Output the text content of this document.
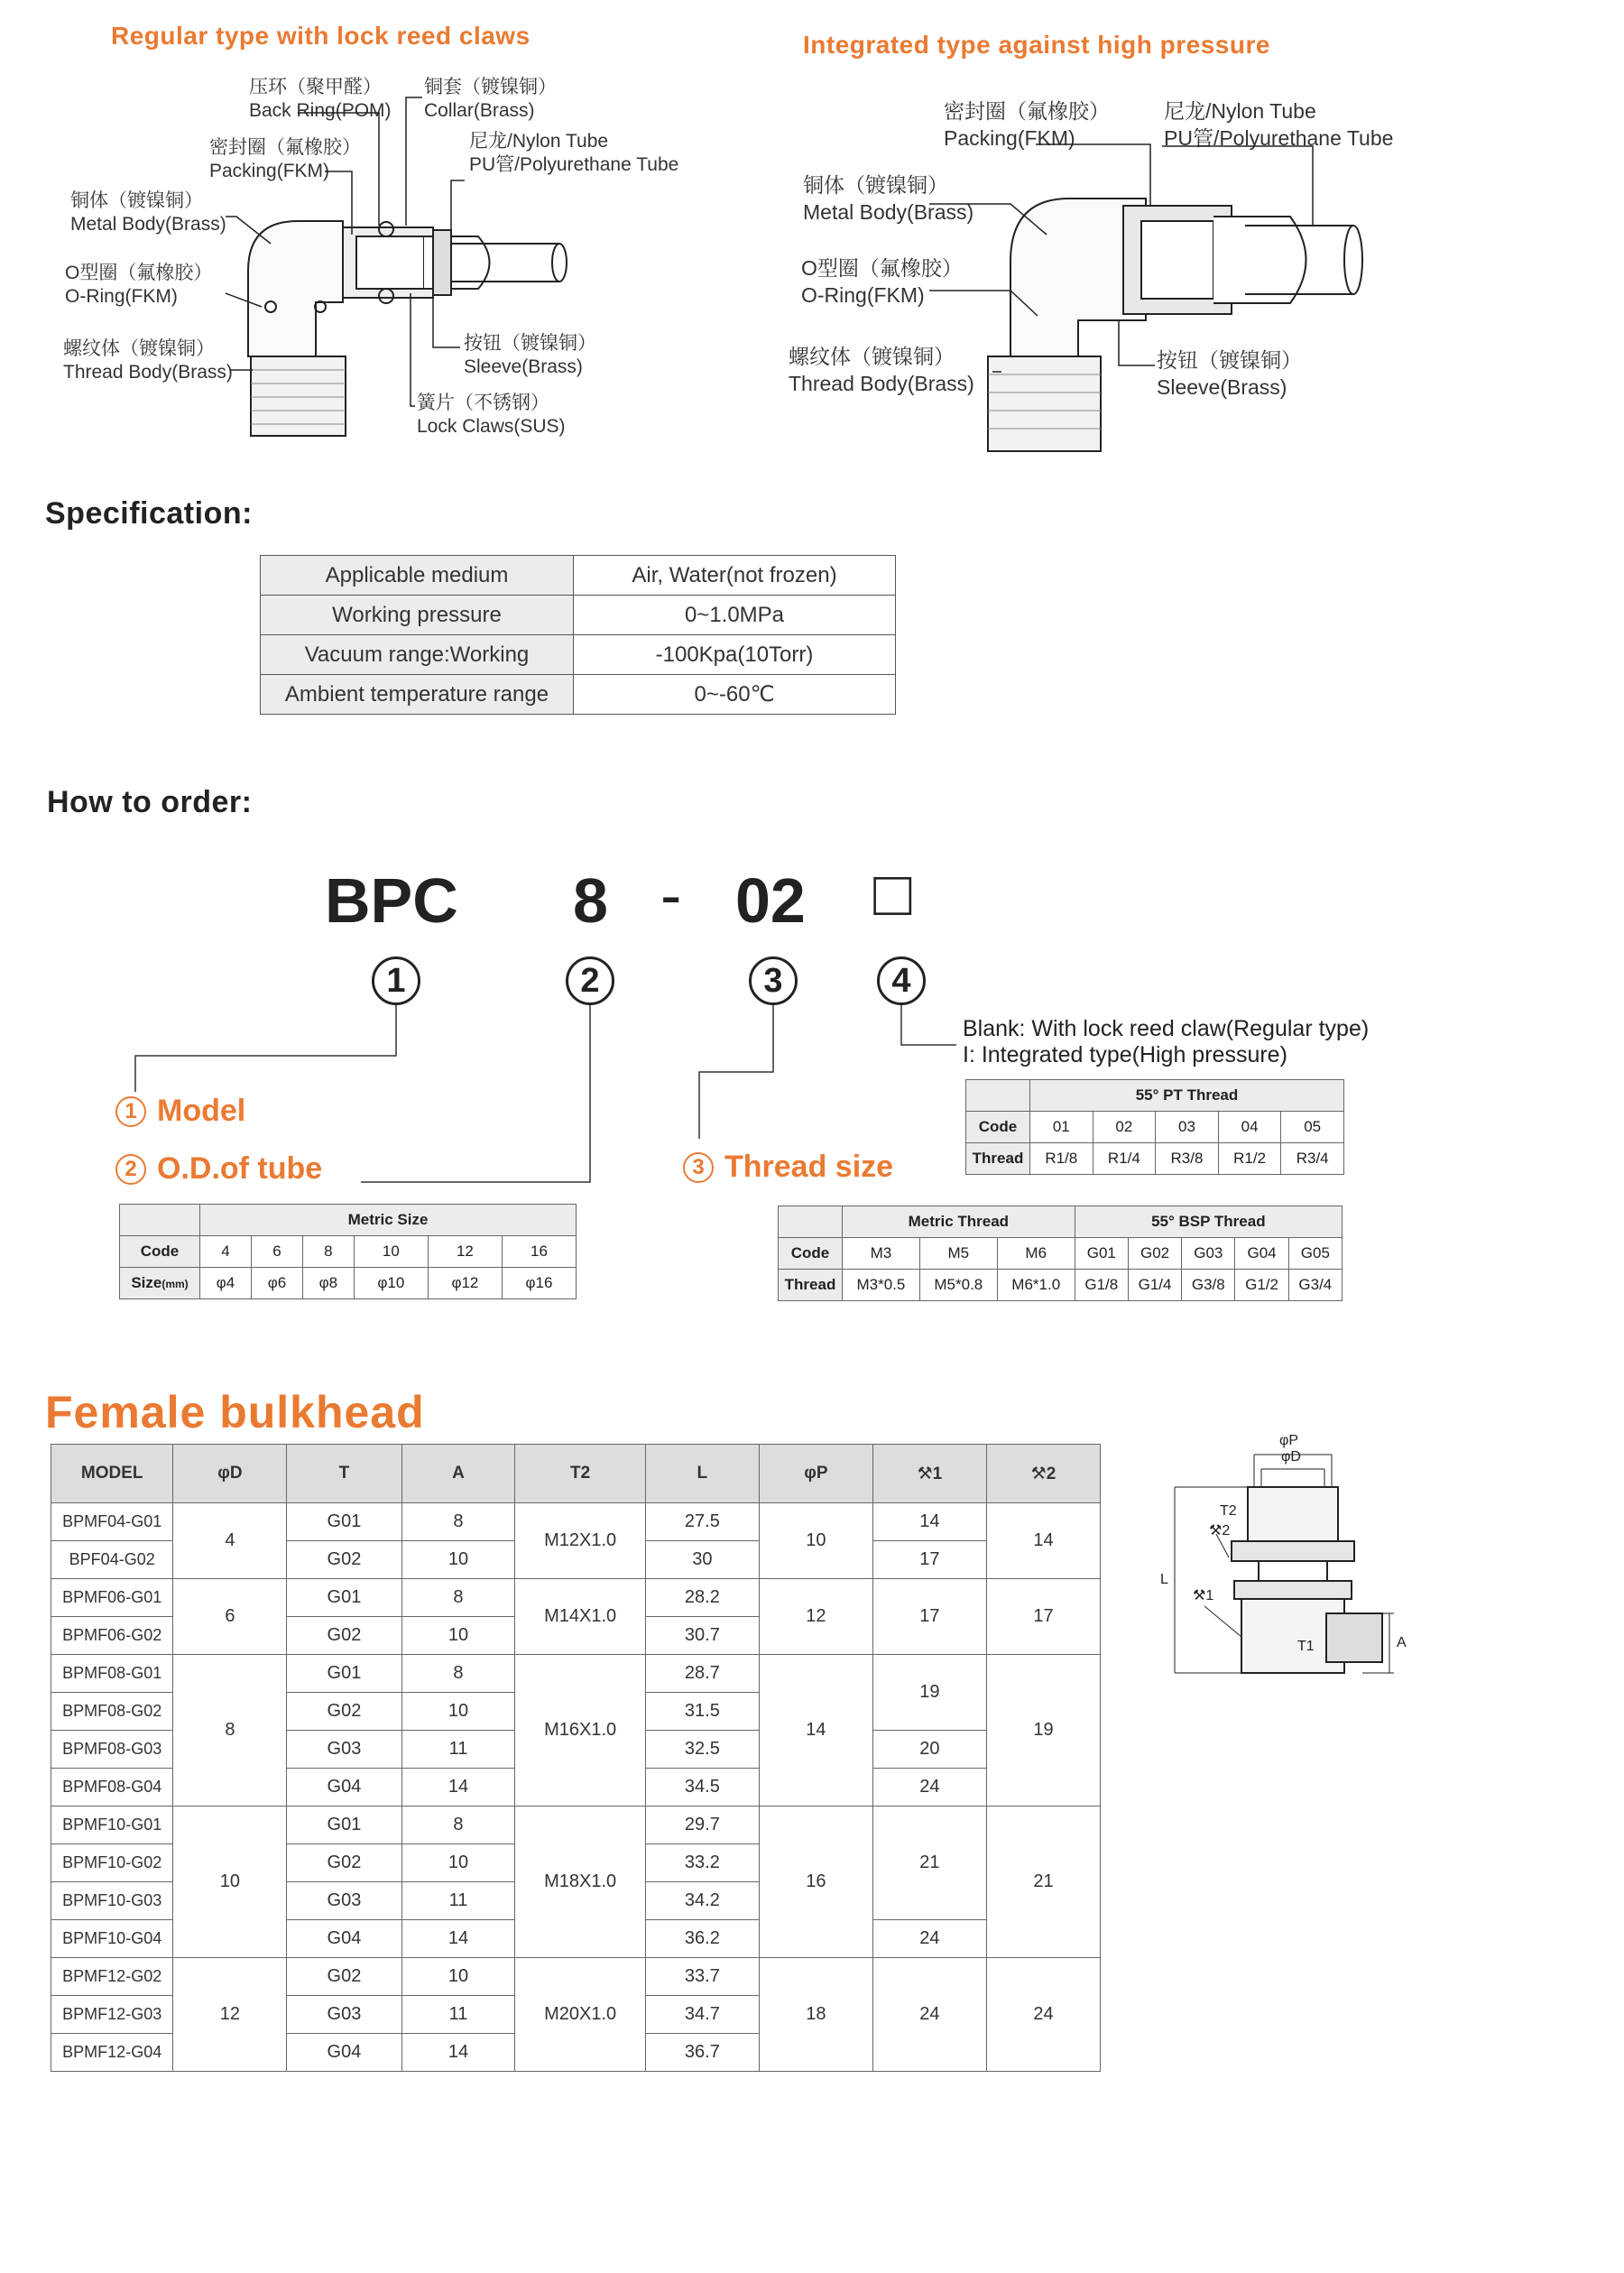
Regular type with lock reed claws	Integrated type against high pressure
压环（聚甲醛）
Back Ring(POM)
铜套（镀镍铜）
Collar(Brass)
密封圈（氟橡胶）
Packing(FKM)
尼龙/Nylon Tube
PU管/Polyurethane Tube
铜体（镀镍铜）
Metal Body(Brass)
O型圈（氟橡胶）
O-Ring(FKM)
螺纹体（镀镍铜）
Thread Body(Brass)
按钮（镀镍铜）
Sleeve(Brass)
簧片（不锈钢）
Lock Claws(SUS)
密封圈（氟橡胶）
Packing(FKM)
尼龙/Nylon Tube
PU管/Polyurethane Tube
铜体（镀镍铜）
Metal Body(Brass)
O型圈（氟橡胶）
O-Ring(FKM)
螺纹体（镀镍铜）
Thread Body(Brass)
按钮（镀镍铜）
Sleeve(Brass)
Specification:
Applicable medium	Air, Water(not frozen)
Working pressure	0~1.0MPa
Vacuum range:Working	-100Kpa(10Torr)
Ambient temperature range	0~-60℃
How to order:
BPC 8 - 02 □
1	2	3	4
1 Model
2 O.D.of tube	3 Thread size
Blank: With lock reed claw(Regular type)
I: Integrated type(High pressure)
	55° PT Thread				
Code	01	02	03	04	05
Thread	R1/8	R1/4	R3/8	R1/2	R3/4
	Metric Size					
Code	4	6	8	10	12	16
Size(mm)	φ4	φ6	φ8	φ10	φ12	φ16
	Metric Thread			55° BSP Thread				
Code	M3	M5	M6	G01	G02	G03	G04	G05
Thread	M3*0.5	M5*0.8	M6*1.0	G1/8	G1/4	G3/8	G1/2	G3/4
Female bulkhead
MODEL	φD	T	A	T2	L	φP	⚒1	⚒2
BPMF04-G01	4	G01	8	M12X1.0	27.5	10	14	14
BPF04-G02		G02	10		30		17	
BPMF06-G01	6	G01	8	M14X1.0	28.2	12	17	17
BPMF06-G02		G02	10		30.7			
BPMF08-G01	8	G01	8	M16X1.0	28.7	14	19	19
BPMF08-G02		G02	10		31.5			
BPMF08-G03		G03	11		32.5		20	
BPMF08-G04		G04	14		34.5		24	
BPMF10-G01	10	G01	8	M18X1.0	29.7	16	21	21
BPMF10-G02		G02	10		33.2			
BPMF10-G03		G03	11		34.2			
BPMF10-G04		G04	14		36.2		24	
BPMF12-G02	12	G02	10	M20X1.0	33.7	18	24	24
BPMF12-G03		G03	11		34.7			
BPMF12-G04		G04	14		36.7			
φP
φD
T2
⚒2
⚒1
L
T1	A
